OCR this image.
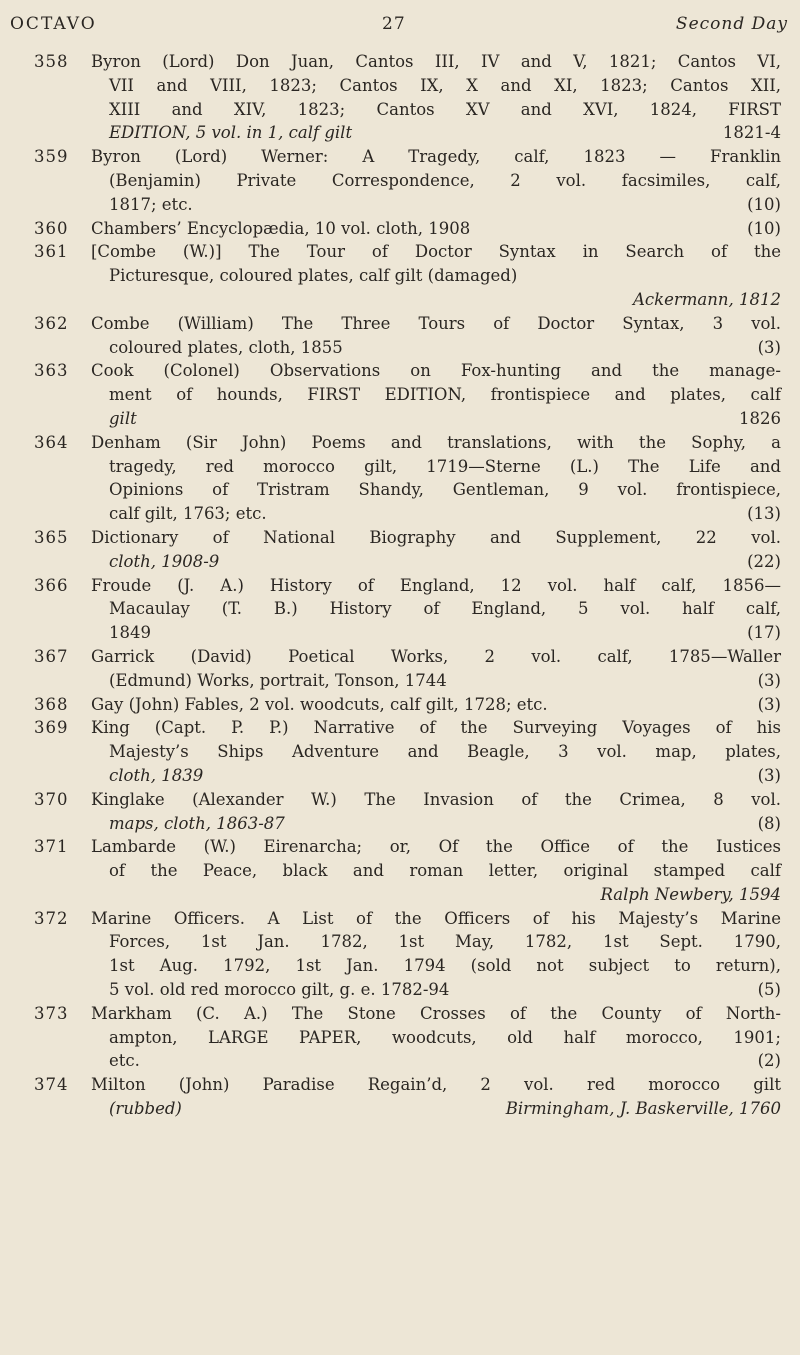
OCTAVO	27	Second Day
358	Byron (Lord) Don Juan, Cantos III, IV and V, 1821; Cantos VI,
VII and VIII, 1823; Cantos IX, X and XI, 1823; Cantos XII,
XIII and XIV, 1823; Cantos XV and XVI, 1824, FIRST
EDITION, 5 vol. in 1, calf gilt	1821-4
359	Byron (Lord) Werner: A Tragedy, calf, 1823 — Franklin
(Benjamin) Private Correspondence, 2 vol. facsimiles, calf,
1817; etc.	(10)
360	Chambers’ Encyclopædia, 10 vol. cloth, 1908	(10)
361	[Combe (W.)] The Tour of Doctor Syntax in Search of the
Picturesque, coloured plates, calf gilt (damaged)
Ackermann, 1812
362	Combe (William) The Three Tours of Doctor Syntax, 3 vol.
coloured plates, cloth, 1855	(3)
363	Cook (Colonel) Observations on Fox-hunting and the manage-
ment of hounds, FIRST EDITION, frontispiece and plates, calf
gilt	1826
364	Denham (Sir John) Poems and translations, with the Sophy, a
tragedy, red morocco gilt, 1719—Sterne (L.) The Life and
Opinions of Tristram Shandy, Gentleman, 9 vol. frontispiece,
calf gilt, 1763; etc.	(13)
365	Dictionary of National Biography and Supplement, 22 vol.
cloth, 1908-9	(22)
366	Froude (J. A.) History of England, 12 vol. half calf, 1856—
Macaulay (T. B.) History of England, 5 vol. half calf,
1849	(17)
367	Garrick (David) Poetical Works, 2 vol. calf, 1785—Waller
(Edmund) Works, portrait, Tonson, 1744	(3)
368	Gay (John) Fables, 2 vol. woodcuts, calf gilt, 1728; etc.	(3)
369	King (Capt. P. P.) Narrative of the Surveying Voyages of his
Majesty’s Ships Adventure and Beagle, 3 vol. map, plates,
cloth, 1839	(3)
370	Kinglake (Alexander W.) The Invasion of the Crimea, 8 vol.
maps, cloth, 1863-87	(8)
371	Lambarde (W.) Eirenarcha; or, Of the Office of the Iustices
of the Peace, black and roman letter, original stamped calf
Ralph Newbery, 1594
372	Marine Officers. A List of the Officers of his Majesty’s Marine
Forces, 1st Jan. 1782, 1st May, 1782, 1st Sept. 1790,
1st Aug. 1792, 1st Jan. 1794 (sold not subject to return),
5 vol. old red morocco gilt, g. e. 1782-94	(5)
373	Markham (C. A.) The Stone Crosses of the County of North-
ampton, LARGE PAPER, woodcuts, old half morocco, 1901;
etc.	(2)
374	Milton (John) Paradise Regain’d, 2 vol. red morocco gilt
(rubbed)	Birmingham, J. Baskerville, 1760
